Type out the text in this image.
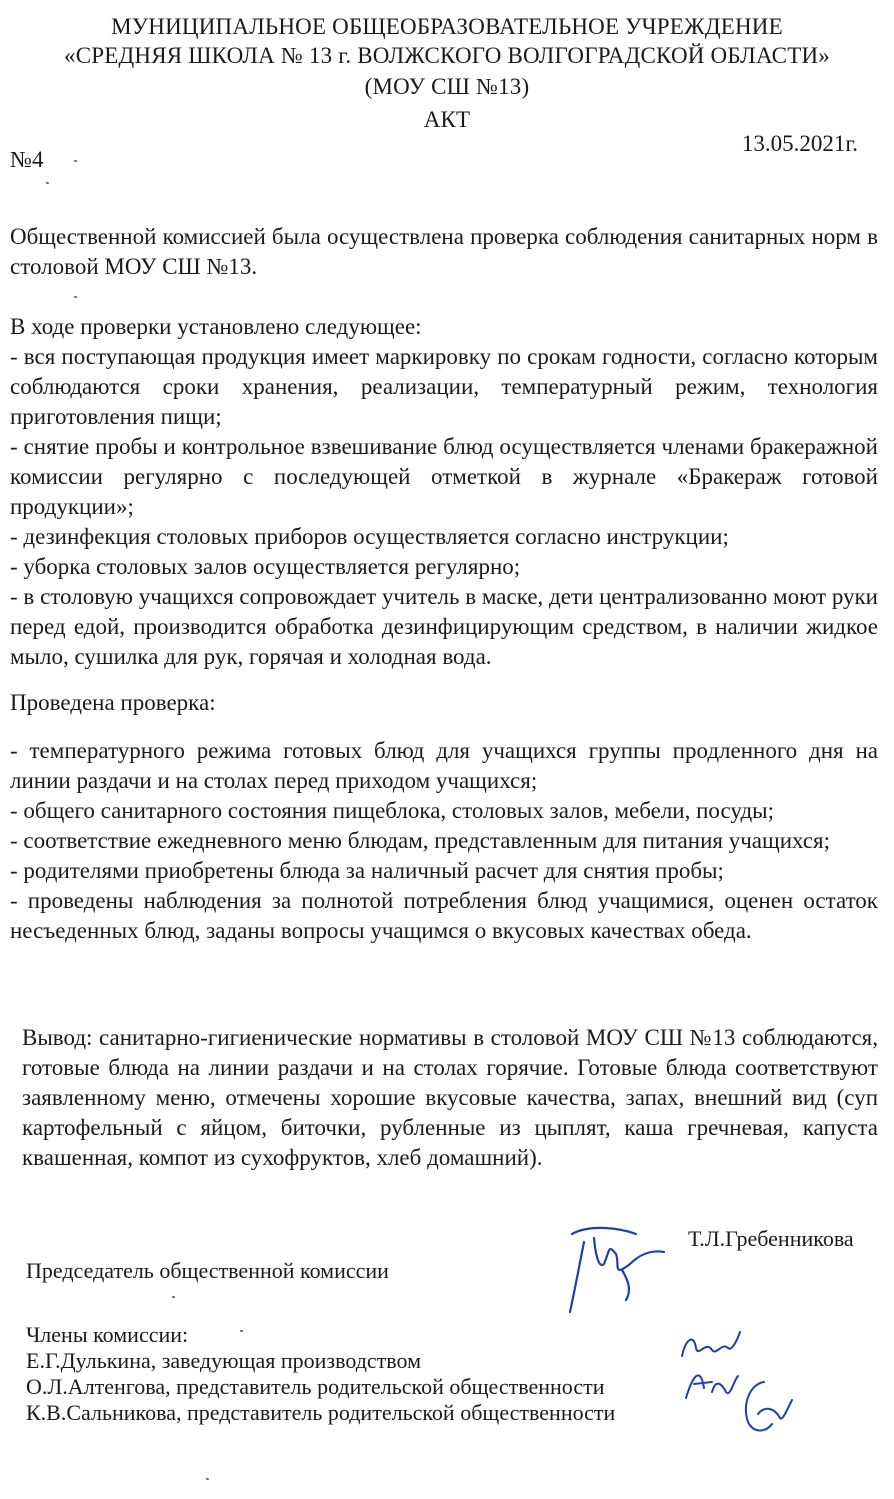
МУНИЦИПАЛЬНОЕ ОБЩЕОБРАЗОВАТЕЛЬНОЕ УЧРЕЖДЕНИЕ
«СРЕДНЯЯ ШКОЛА № 13 г. ВОЛЖСКОГО ВОЛГОГРАДСКОЙ ОБЛАСТИ»
(МОУ СШ №13)
АКТ
№4
13.05.2021г.

Общественной комиссией была осуществлена проверка соблюдения санитарных норм в столовой МОУ СШ №13.

В ходе проверки установлено следующее:

- вся поступающая продукция имеет маркировку по срокам годности, согласно которым соблюдаются сроки хранения, реализации, температурный режим, технология приготовления пищи;

- снятие пробы и контрольное взвешивание блюд осуществляется членами бракеражной комиссии регулярно с последующей отметкой в журнале «Бракераж готовой продукции»;

- дезинфекция столовых приборов осуществляется согласно инструкции;

- уборка столовых залов осуществляется регулярно;

- в столовую учащихся сопровождает учитель в маске, дети централизованно моют руки перед едой, производится обработка дезинфицирующим средством, в наличии жидкое мыло, сушилка для рук, горячая и холодная вода.

Проведена проверка:

- температурного режима готовых блюд для учащихся группы продленного дня на линии раздачи и на столах перед приходом учащихся;

- общего санитарного состояния пищеблока, столовых залов, мебели, посуды;

- соответствие ежедневного меню блюдам, представленным для питания учащихся;

- родителями приобретены блюда за наличный расчет для снятия пробы;

- проведены наблюдения за полнотой потребления блюд учащимися, оценен остаток несъеденных блюд, заданы вопросы учащимся о вкусовых качествах обеда.

Вывод: санитарно-гигиенические нормативы в столовой МОУ СШ №13 соблюдаются, готовые блюда на линии раздачи и на столах горячие. Готовые блюда соответствуют заявленному меню, отмечены хорошие вкусовые качества, запах, внешний вид (суп картофельный с яйцом, биточки, рубленные из цыплят, каша гречневая, капуста квашенная, компот из сухофруктов, хлеб домашний).

Председатель общественной комиссии
Т.Л.Гребенникова
Члены комиссии:
Е.Г.Дулькина, заведующая производством
О.Л.Алтенгова, представитель родительской общественности
К.В.Сальникова, представитель родительской общественности
